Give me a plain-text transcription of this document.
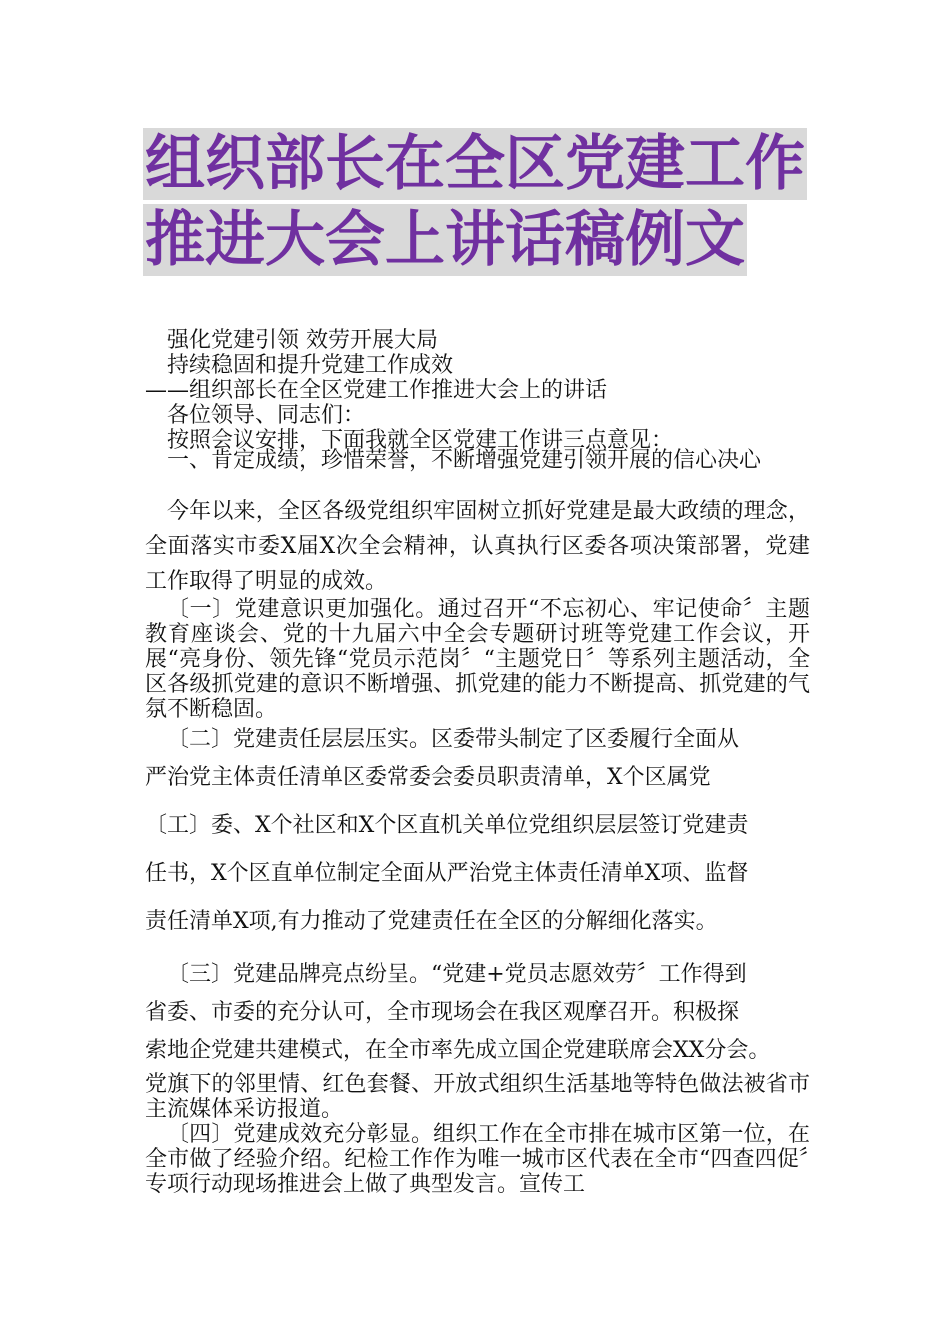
组织部长在全区党建工作
推进大会上讲话稿例文
强化党建引领 效劳开展大局
持续稳固和提升党建工作成效
——组织部长在全区党建工作推进大会上的讲话
各位领导、同志们：
按照会议安排，下面我就全区党建工作讲三点意见：
一、肯定成绩，珍惜荣誉，不断增强党建引领开展的信心决心
今年以来，全区各级党组织牢固树立抓好党建是最大政绩的理念，全面落实市委X届X次全会精神，认真执行区委各项决策部署，党建工作取得了明显的成效。
〔一〕党建意识更加强化。通过召开“不忘初心、牢记使命〞主题教育座谈会、党的十九届六中全会专题研讨班等党建工作会议，开展“亮身份、领先锋“党员示范岗〞“主题党日〞等系列主题活动，全区各级抓党建的意识不断增强、抓党建的能力不断提高、抓党建的气氛不断稳固。
〔二〕党建责任层层压实。区委带头制定了区委履行全面从
严治党主体责任清单区委常委会委员职责清单，X个区属党
〔工〕委、X个社区和X个区直机关单位党组织层层签订党建责
任书，X个区直单位制定全面从严治党主体责任清单X项、监督
责任清单X项,有力推动了党建责任在全区的分解细化落实。
〔三〕党建品牌亮点纷呈。“党建+党员志愿效劳〞工作得到
省委、市委的充分认可，全市现场会在我区观摩召开。积极探
索地企党建共建模式，在全市率先成立国企党建联席会XX分会。
党旗下的邻里情、红色套餐、开放式组织生活基地等特色做法被省市主流媒体采访报道。
〔四〕党建成效充分彰显。组织工作在全市排在城市区第一位，在全市做了经验介绍。纪检工作作为唯一城市区代表在全市“四查四促〞专项行动现场推进会上做了典型发言。宣传工
